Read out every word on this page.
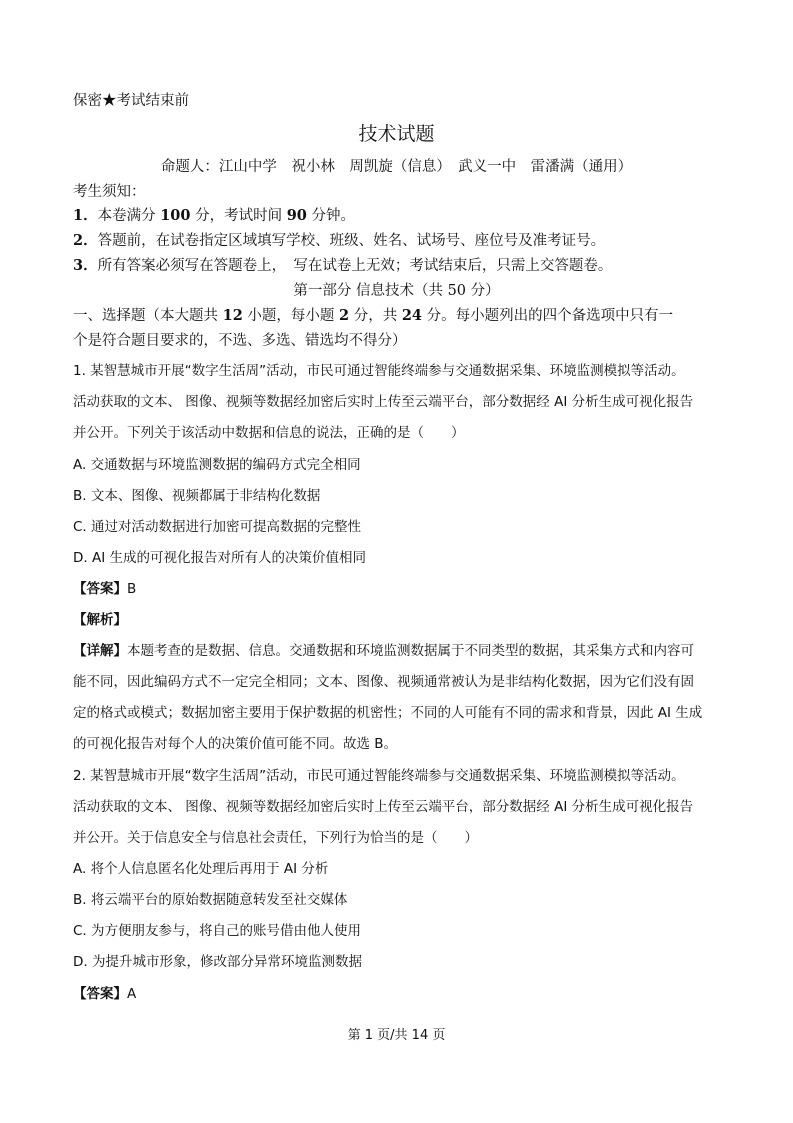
保密★考试结束前
技术试题
命题人：江山中学　祝小林　周凯旋（信息）　武义一中　雷潘满（通用）
考生须知：
1．本卷满分 100 分，考试时间 90 分钟。
2．答题前，在试卷指定区域填写学校、班级、姓名、试场号、座位号及准考证号。
3．所有答案必须写在答题卷上，　写在试卷上无效；考试结束后，只需上交答题卷。
第一部分 信息技术（共 50 分）
一、选择题（本大题共 12 小题，每小题 2 分，共 24 分。每小题列出的四个备选项中只有一
个是符合题目要求的，不选、多选、错选均不得分）
1. 某智慧城市开展“数字生活周”活动，市民可通过智能终端参与交通数据采集、环境监测模拟等活动。
活动获取的文本、 图像、视频等数据经加密后实时上传至云端平台，部分数据经 AI 分析生成可视化报告
并公开。下列关于该活动中数据和信息的说法，正确的是（　　）
A. 交通数据与环境监测数据的编码方式完全相同
B. 文本、图像、视频都属于非结构化数据
C. 通过对活动数据进行加密可提高数据的完整性
D. AI 生成的可视化报告对所有人的决策价值相同
【答案】B
【解析】
【详解】本题考查的是数据、信息。交通数据和环境监测数据属于不同类型的数据，其采集方式和内容可
能不同，因此编码方式不一定完全相同；文本、图像、视频通常被认为是非结构化数据，因为它们没有固
定的格式或模式；数据加密主要用于保护数据的机密性；不同的人可能有不同的需求和背景，因此 AI 生成
的可视化报告对每个人的决策价值可能不同。故选 B。
2. 某智慧城市开展“数字生活周”活动，市民可通过智能终端参与交通数据采集、环境监测模拟等活动。
活动获取的文本、 图像、视频等数据经加密后实时上传至云端平台，部分数据经 AI 分析生成可视化报告
并公开。关于信息安全与信息社会责任，下列行为恰当的是（　　）
A. 将个人信息匿名化处理后再用于 AI 分析
B. 将云端平台的原始数据随意转发至社交媒体
C. 为方便朋友参与，将自己的账号借由他人使用
D. 为提升城市形象，修改部分异常环境监测数据
【答案】A
第 1 页/共 14 页
